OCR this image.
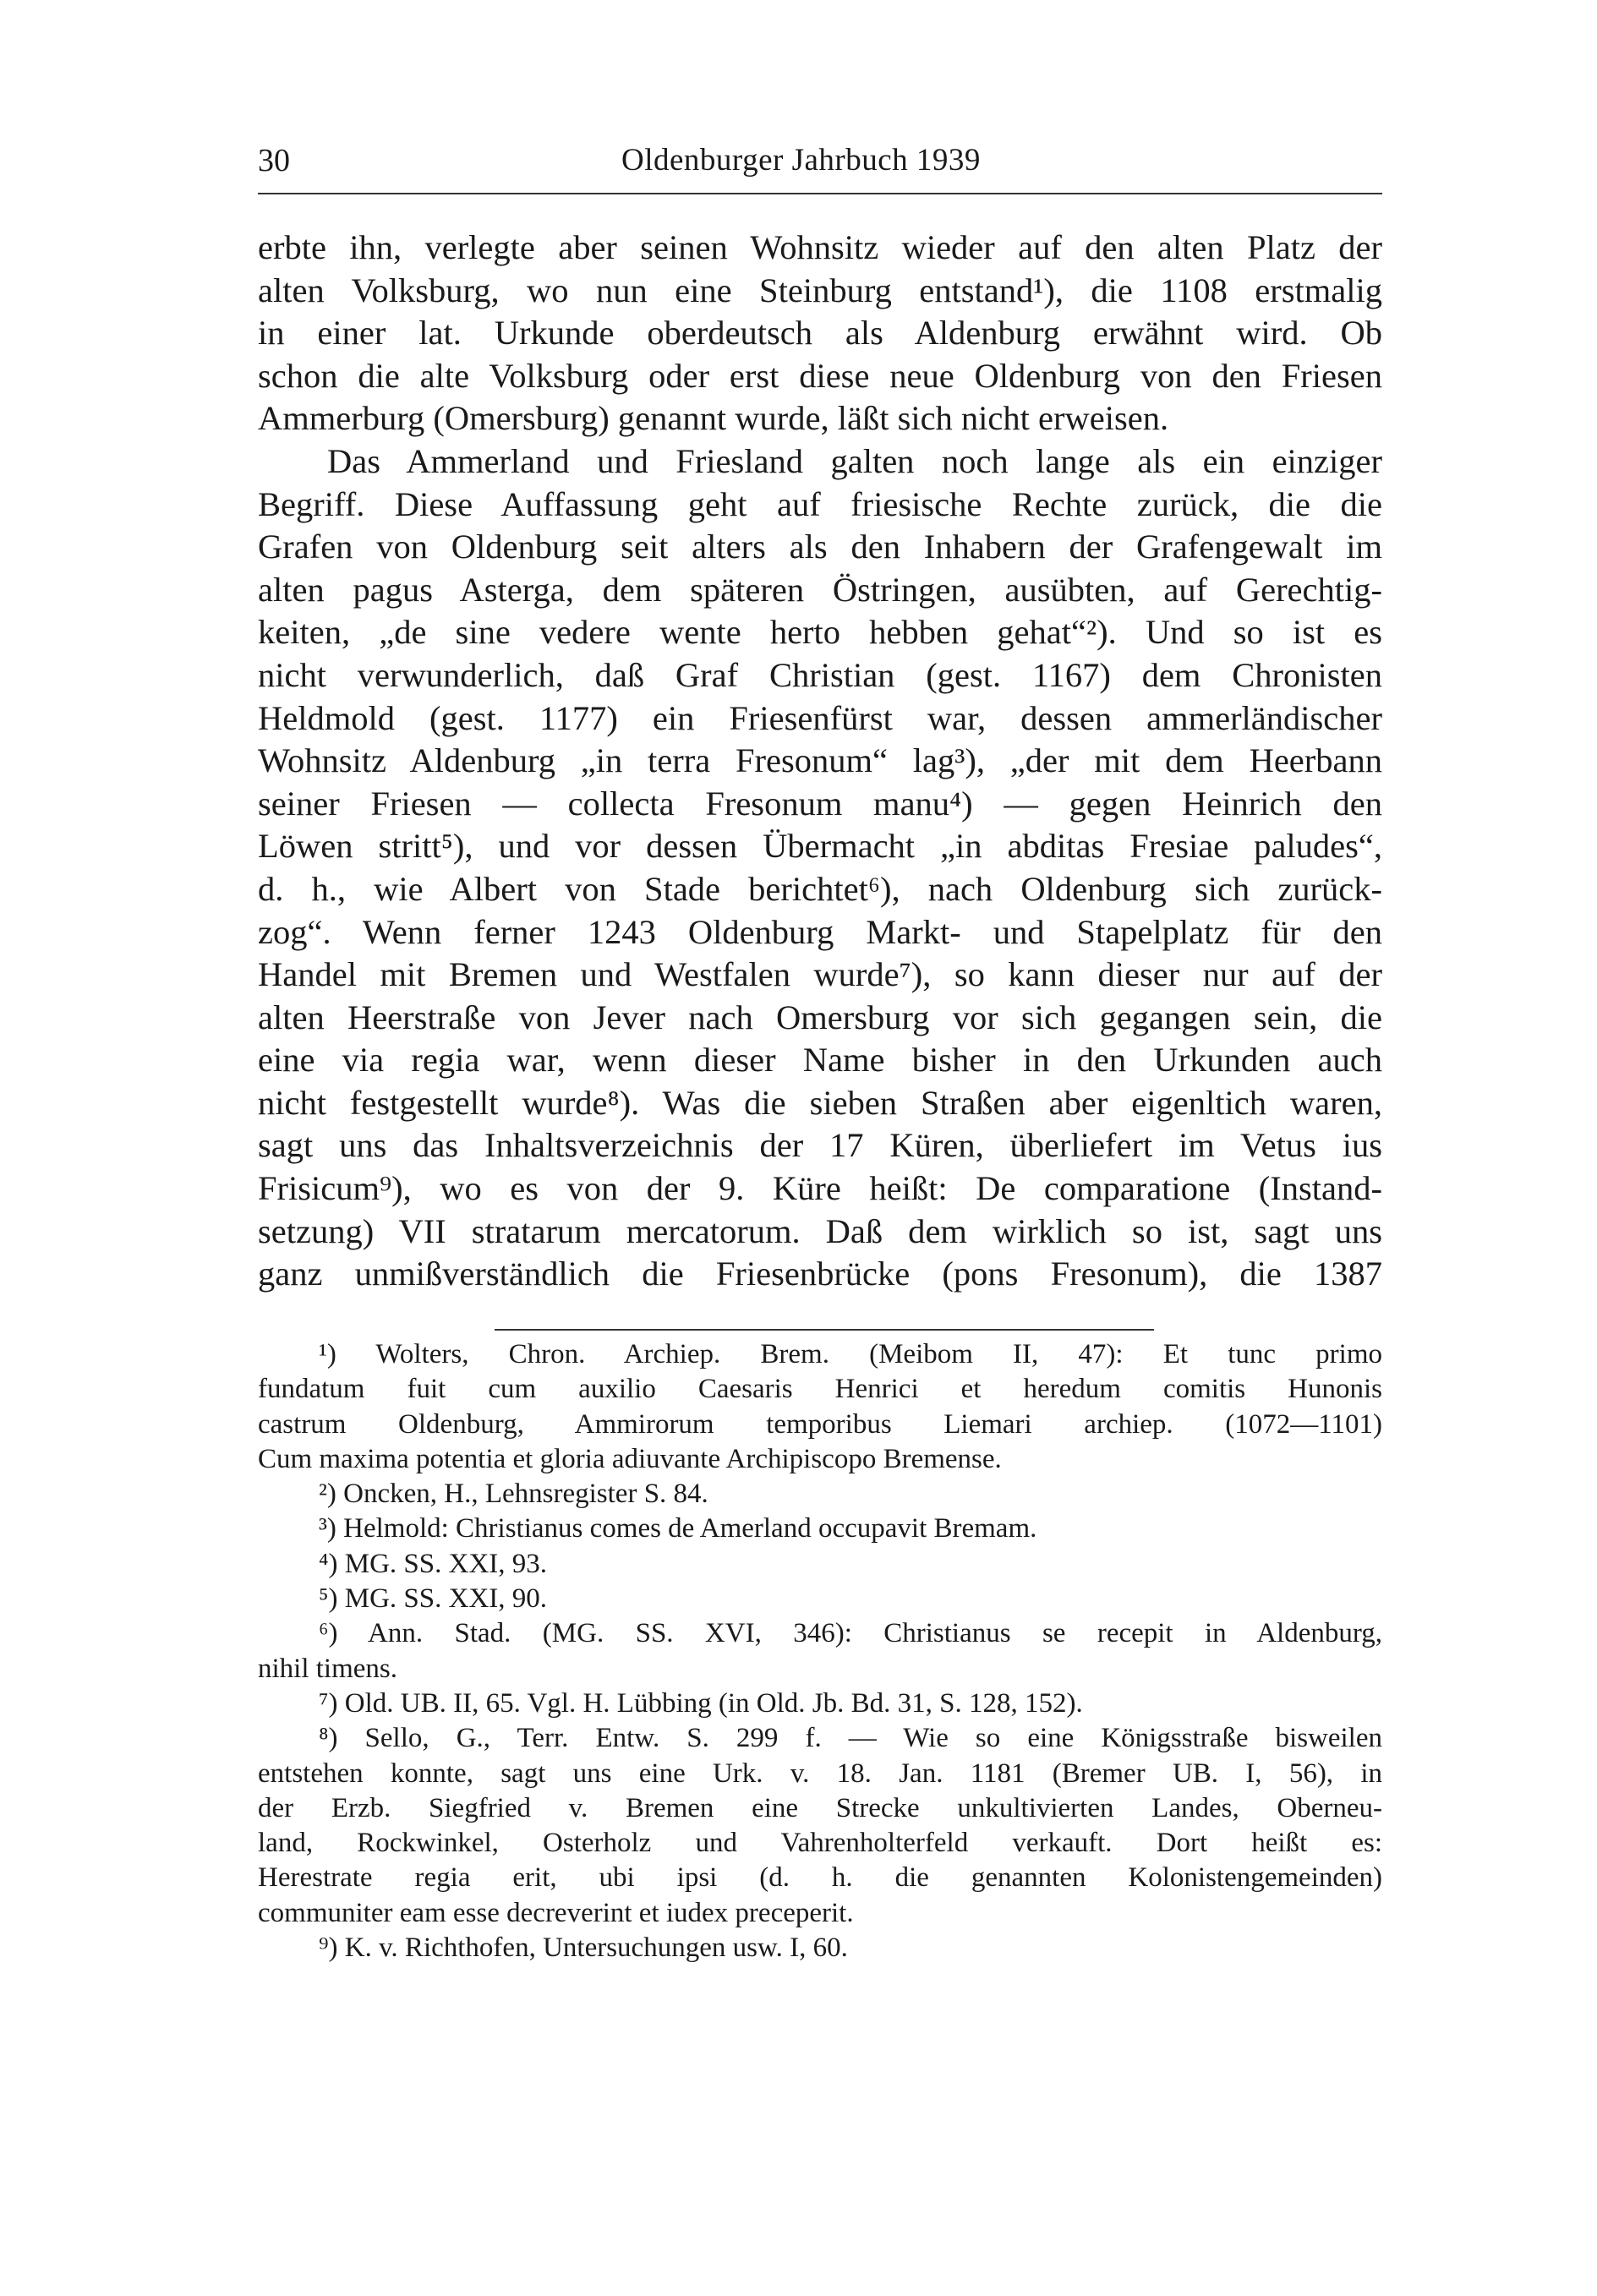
30	Oldenburger Jahrbuch 1939
erbte ihn, verlegte aber seinen Wohnsitz wieder auf den alten Platz der
alten Volksburg, wo nun eine Steinburg entstand¹), die 1108 erstmalig
in einer lat. Urkunde oberdeutsch als Aldenburg erwähnt wird. Ob
schon die alte Volksburg oder erst diese neue Oldenburg von den Friesen
Ammerburg (Omersburg) genannt wurde, läßt sich nicht erweisen.
Das Ammerland und Friesland galten noch lange als ein einziger
Begriff. Diese Auffassung geht auf friesische Rechte zurück, die die
Grafen von Oldenburg seit alters als den Inhabern der Grafengewalt im
alten pagus Asterga, dem späteren Östringen, ausübten, auf Gerechtig-
keiten, „de sine vedere wente herto hebben gehat“²). Und so ist es
nicht verwunderlich, daß Graf Christian (gest. 1167) dem Chronisten
Heldmold (gest. 1177) ein Friesenfürst war, dessen ammerländischer
Wohnsitz Aldenburg „in terra Fresonum“ lag³), „der mit dem Heerbann
seiner Friesen — collecta Fresonum manu⁴) — gegen Heinrich den
Löwen stritt⁵), und vor dessen Übermacht „in abditas Fresiae paludes“,
d. h., wie Albert von Stade berichtet⁶), nach Oldenburg sich zurück-
zog“. Wenn ferner 1243 Oldenburg Markt- und Stapelplatz für den
Handel mit Bremen und Westfalen wurde⁷), so kann dieser nur auf der
alten Heerstraße von Jever nach Omersburg vor sich gegangen sein, die
eine via regia war, wenn dieser Name bisher in den Urkunden auch
nicht festgestellt wurde⁸). Was die sieben Straßen aber eigenltich waren,
sagt uns das Inhaltsverzeichnis der 17 Küren, überliefert im Vetus ius
Frisicum⁹), wo es von der 9. Küre heißt: De comparatione (Instand-
setzung) VII stratarum mercatorum. Daß dem wirklich so ist, sagt uns
ganz unmißverständlich die Friesenbrücke (pons Fresonum), die 1387
¹) Wolters, Chron. Archiep. Brem. (Meibom II, 47): Et tunc primo
fundatum fuit cum auxilio Caesaris Henrici et heredum comitis Hunonis
castrum Oldenburg, Ammirorum temporibus Liemari archiep. (1072—1101)
Cum maxima potentia et gloria adiuvante Archipiscopo Bremense.
²) Oncken, H., Lehnsregister S. 84.
³) Helmold: Christianus comes de Amerland occupavit Bremam.
⁴) MG. SS. XXI, 93.
⁵) MG. SS. XXI, 90.
⁶) Ann. Stad. (MG. SS. XVI, 346): Christianus se recepit in Aldenburg,
nihil timens.
⁷) Old. UB. II, 65. Vgl. H. Lübbing (in Old. Jb. Bd. 31, S. 128, 152).
⁸) Sello, G., Terr. Entw. S. 299 f. — Wie so eine Königsstraße bisweilen
entstehen konnte, sagt uns eine Urk. v. 18. Jan. 1181 (Bremer UB. I, 56), in
der Erzb. Siegfried v. Bremen eine Strecke unkultivierten Landes, Oberneu-
land, Rockwinkel, Osterholz und Vahrenholterfeld verkauft. Dort heißt es:
Herestrate regia erit, ubi ipsi (d. h. die genannten Kolonistengemeinden)
communiter eam esse decreverint et iudex preceperit.
⁹) K. v. Richthofen, Untersuchungen usw. I, 60.
